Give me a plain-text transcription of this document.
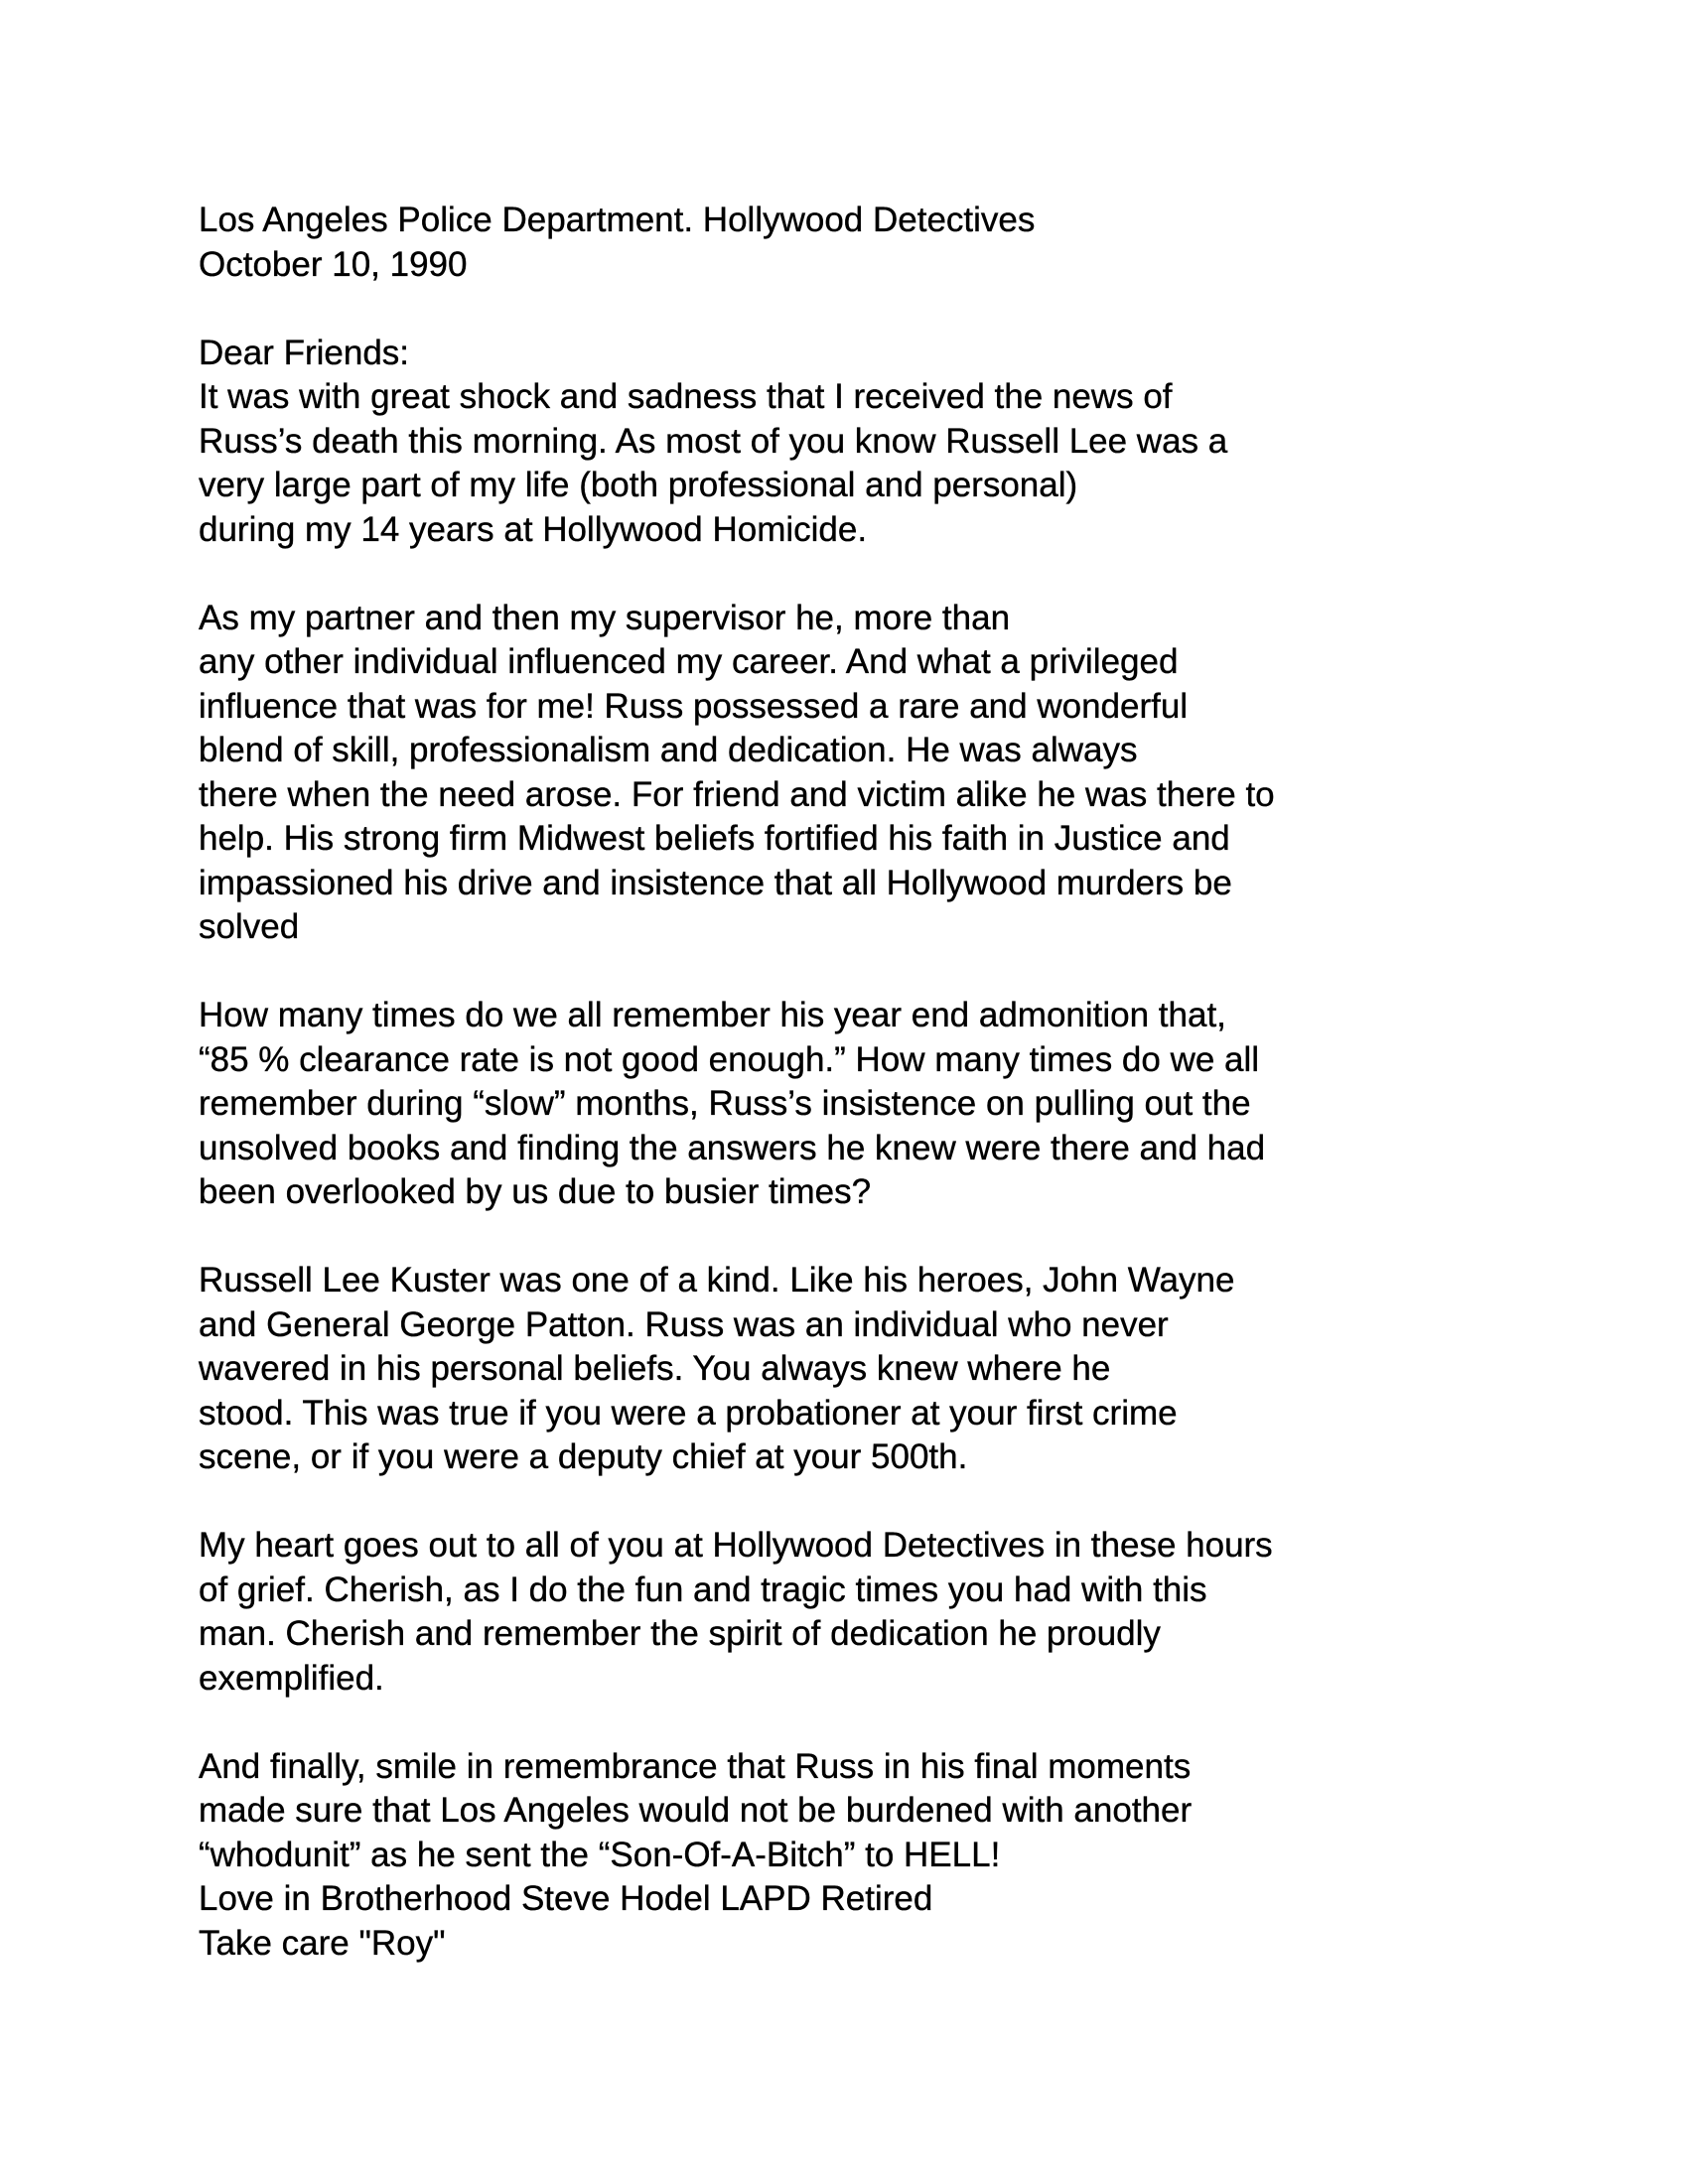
Los Angeles Police Department. Hollywood Detectives
October 10, 1990
Dear Friends:
It was with great shock and sadness that I received the news of
Russ’s death this morning. As most of you know Russell Lee was a
very large part of my life (both professional and personal)
during my 14 years at Hollywood Homicide.
As my partner and then my supervisor he, more than
any other individual influenced my career. And what a privileged
influence that was for me! Russ possessed a rare and wonderful
blend of skill, professionalism and dedication. He was always
there when the need arose. For friend and victim alike he was there to
help. His strong firm Midwest beliefs fortified his faith in Justice and
impassioned his drive and insistence that all Hollywood murders be
solved
How many times do we all remember his year end admonition that,
“85 % clearance rate is not good enough.” How many times do we all
remember during “slow” months, Russ’s insistence on pulling out the
unsolved books and finding the answers he knew were there and had
been overlooked by us due to busier times?
Russell Lee Kuster was one of a kind. Like his heroes, John Wayne
and General George Patton. Russ was an individual who never
wavered in his personal beliefs. You always knew where he
stood. This was true if you were a probationer at your first crime
scene, or if you were a deputy chief at your 500th.
My heart goes out to all of you at Hollywood Detectives in these hours
of grief. Cherish, as I do the fun and tragic times you had with this
man. Cherish and remember the spirit of dedication he proudly
exemplified.
And finally, smile in remembrance that Russ in his final moments
made sure that Los Angeles would not be burdened with another
“whodunit” as he sent the “Son-Of-A-Bitch” to HELL!
Love in Brotherhood Steve Hodel LAPD Retired
Take care "Roy"
